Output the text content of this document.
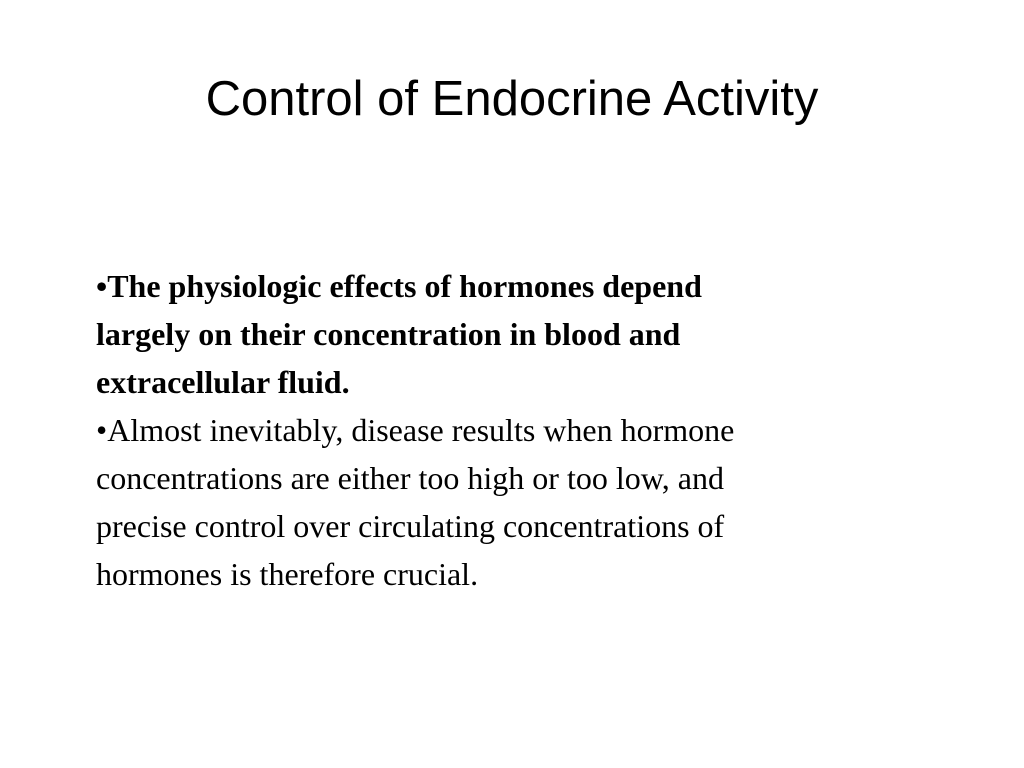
Control of Endocrine Activity
•The physiologic effects of hormones depend
largely on their concentration in blood and
extracellular fluid.
•Almost inevitably, disease results when hormone
concentrations are either too high or too low, and
precise control over circulating concentrations of
hormones is therefore crucial.
